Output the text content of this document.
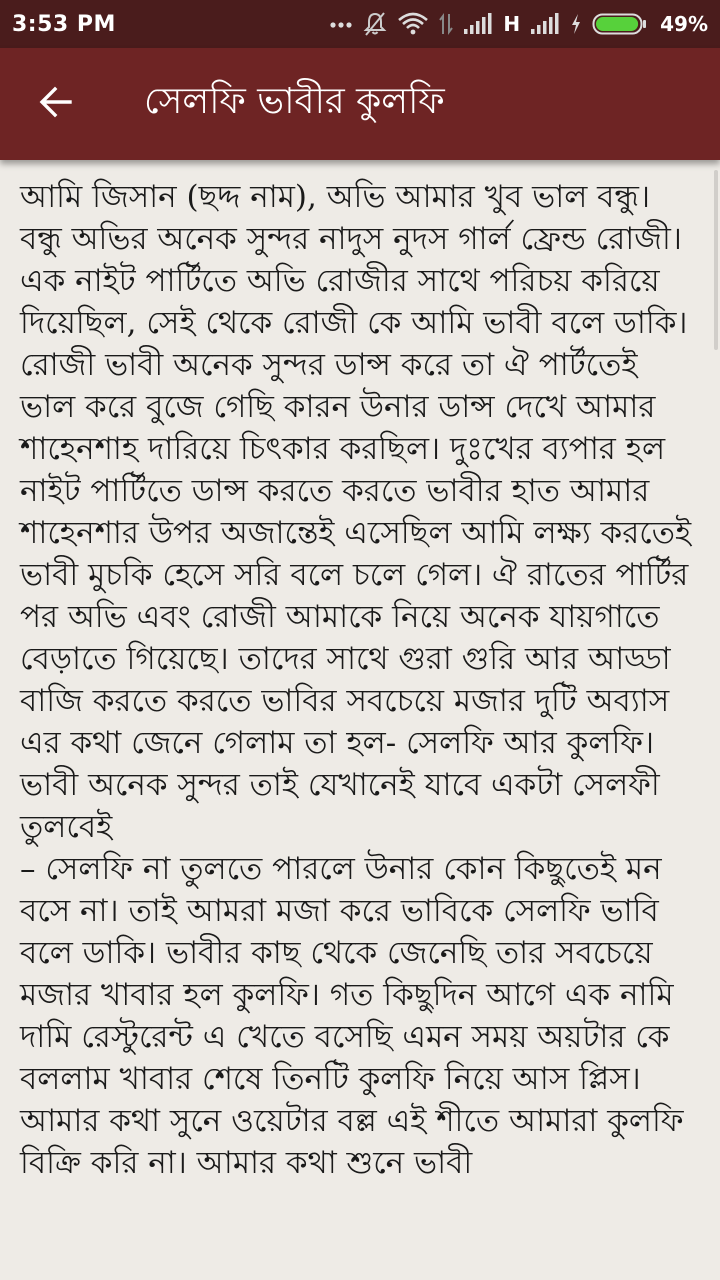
3:53 PM	H	49%
সেলফি ভাবীর কুলফি

আমি জিসান (ছদ্দ নাম), অভি আমার খুব ভাল বন্ধু। বন্ধু অভির অনেক সুন্দর নাদুস নুদস গার্ল ফ্রেন্ড রোজী। এক নাইট পার্টিতে অভি রোজীর সাথে পরিচয় করিয়ে দিয়েছিল, সেই থেকে রোজী কে আমি ভাবী বলে ডাকি। রোজী ভাবী অনেক সুন্দর ডান্স করে তা ঐ পার্টতেই ভাল করে বুজে গেছি কারন উনার ডান্স দেখে আমার শাহেনশাহ দারিয়ে চিৎকার করছিল। দুঃখের ব্যপার হল নাইট পার্টিতে ডান্স করতে করতে ভাবীর হাত আমার শাহেনশার উপর অজান্তেই এসেছিল আমি লক্ষ্য করতেই ভাবী মুচকি হেসে সরি বলে চলে গেল। ঐ রাতের পার্টির পর অভি এবং রোজী আমাকে নিয়ে অনেক যায়গাতে বেড়াতে গিয়েছে। তাদের সাথে গুরা গুরি আর আড্ডা বাজি করতে করতে ভাবির সবচেয়ে মজার দুটি অব্যাস এর কথা জেনে গেলাম তা হল- সেলফি আর কুলফি। ভাবী অনেক সুন্দর তাই যেখানেই যাবে একটা সেলফী তুলবেই
– সেলফি না তুলতে পারলে উনার কোন কিছুতেই মন বসে না। তাই আমরা মজা করে ভাবিকে সেলফি ভাবি বলে ডাকি। ভাবীর কাছ থেকে জেনেছি তার সবচেয়ে মজার খাবার হল কুলফি। গত কিছুদিন আগে এক নামি দামি রেস্টুরেন্ট এ খেতে বসেছি এমন সময় অয়টার কে বললাম খাবার শেষে তিনটি কুলফি নিয়ে আস প্লিস। আমার কথা সুনে ওয়েটার বল্ল এই শীতে আমারা কুলফি বিক্রি করি না। আমার কথা শুনে ভাবী
